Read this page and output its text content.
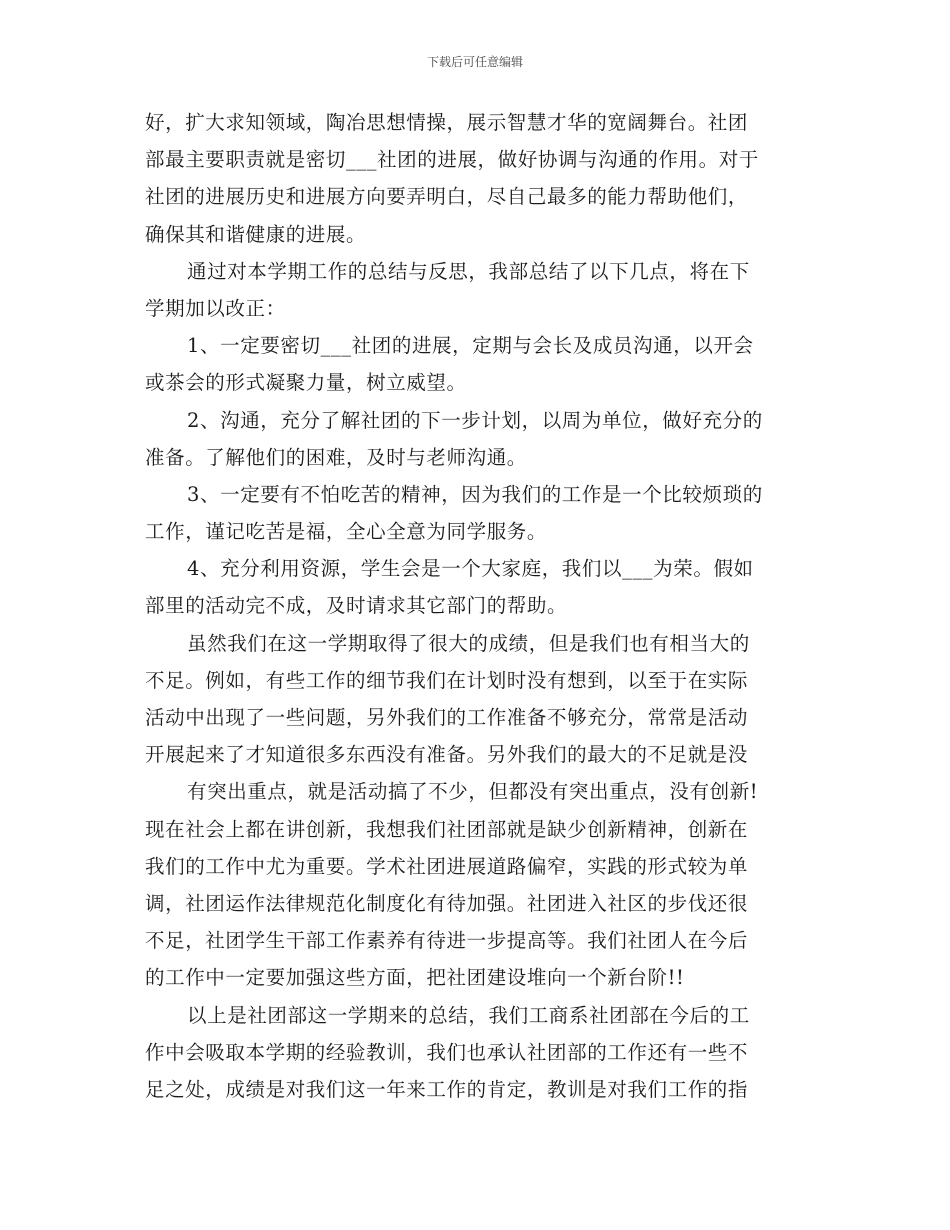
下载后可任意编辑
好，扩大求知领域，陶冶思想情操，展示智慧才华的宽阔舞台。社团
部最主要职责就是密切___社团的进展，做好协调与沟通的作用。对于
社团的进展历史和进展方向要弄明白，尽自己最多的能力帮助他们，
确保其和谐健康的进展。
通过对本学期工作的总结与反思，我部总结了以下几点，将在下
学期加以改正：
1、一定要密切___社团的进展，定期与会长及成员沟通，以开会
或茶会的形式凝聚力量，树立威望。
2、沟通，充分了解社团的下一步计划，以周为单位，做好充分的
准备。了解他们的困难，及时与老师沟通。
3、一定要有不怕吃苦的精神，因为我们的工作是一个比较烦琐的
工作，谨记吃苦是福，全心全意为同学服务。
4、充分利用资源，学生会是一个大家庭，我们以___为荣。假如
部里的活动完不成，及时请求其它部门的帮助。
虽然我们在这一学期取得了很大的成绩，但是我们也有相当大的
不足。例如，有些工作的细节我们在计划时没有想到，以至于在实际
活动中出现了一些问题，另外我们的工作准备不够充分，常常是活动
开展起来了才知道很多东西没有准备。另外我们的最大的不足就是没
有突出重点，就是活动搞了不少，但都没有突出重点，没有创新!
现在社会上都在讲创新，我想我们社团部就是缺少创新精神，创新在
我们的工作中尤为重要。学术社团进展道路偏窄，实践的形式较为单
调，社团运作法律规范化制度化有待加强。社团进入社区的步伐还很
不足，社团学生干部工作素养有待进一步提高等。我们社团人在今后
的工作中一定要加强这些方面，把社团建设堆向一个新台阶!!
以上是社团部这一学期来的总结，我们工商系社团部在今后的工
作中会吸取本学期的经验教训，我们也承认社团部的工作还有一些不
足之处，成绩是对我们这一年来工作的肯定，教训是对我们工作的指
